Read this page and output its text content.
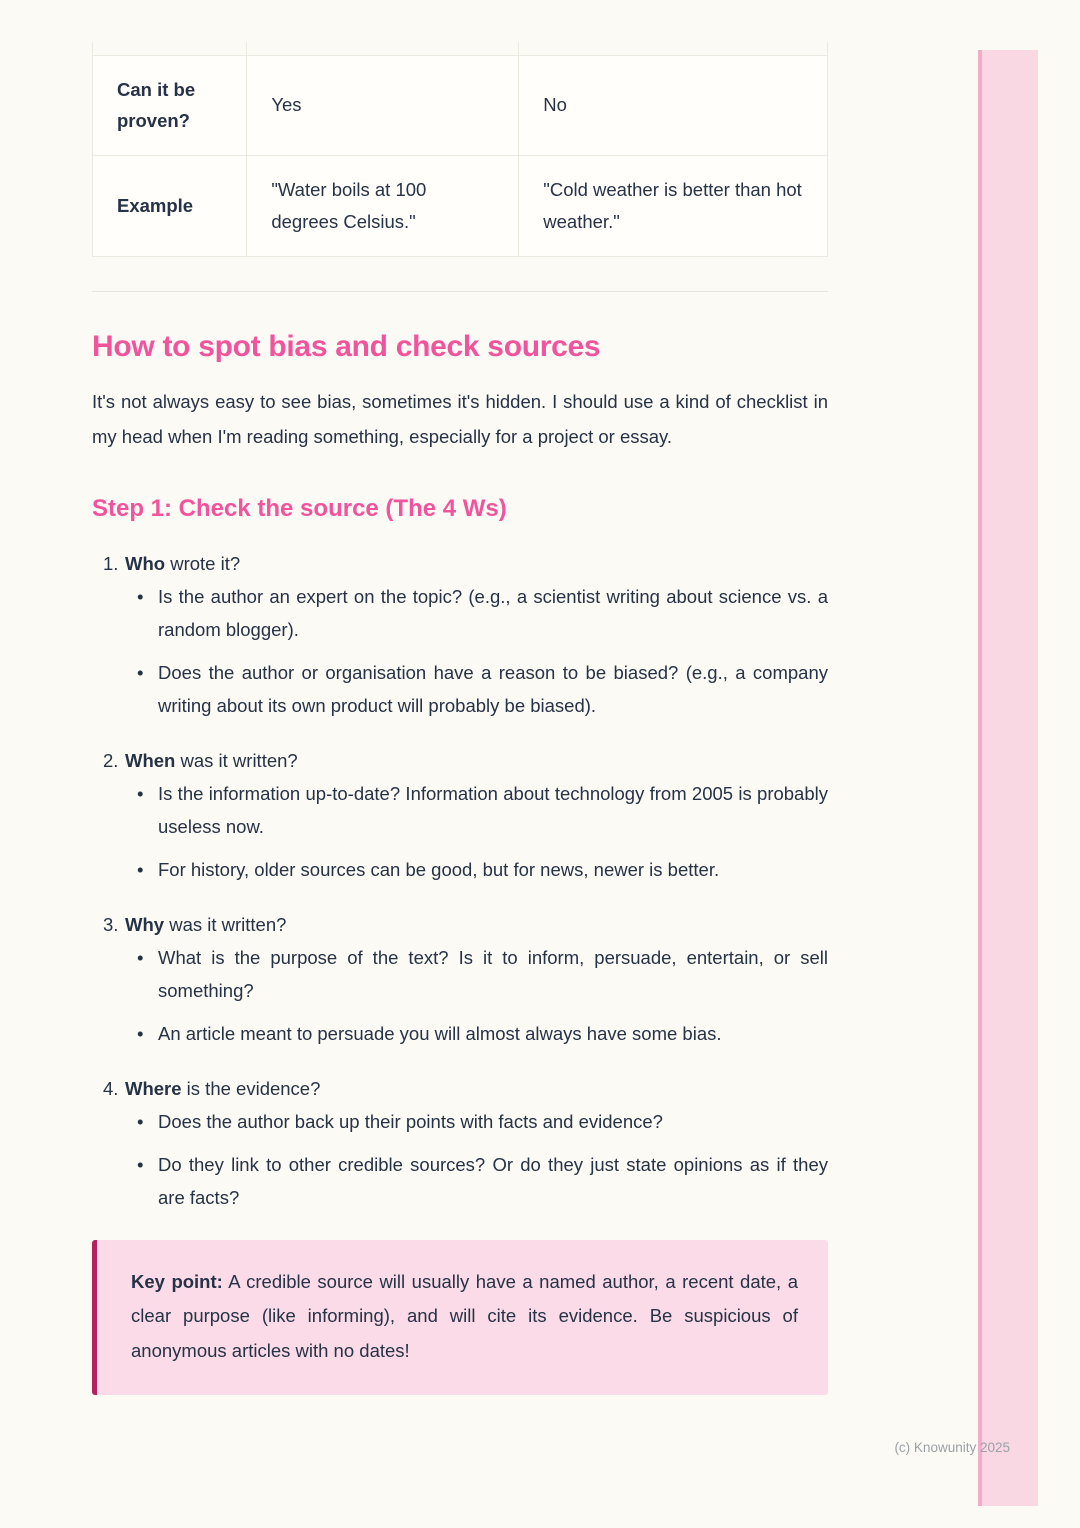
Can it be proven?	Yes	No
Example	"Water boils at 100 degrees Celsius."	"Cold weather is better than hot weather."
How to spot bias and check sources

It's not always easy to see bias, sometimes it's hidden. I should use a kind of checklist in my head when I'm reading something, especially for a project or essay.

Step 1: Check the source (The 4 Ws)
1. Who wrote it?

•

Is the author an expert on the topic? (e.g., a scientist writing about science vs. a random blogger).

•

Does the author or organisation have a reason to be biased? (e.g., a company writing about its own product will probably be biased).

2. When was it written?

•

Is the information up-to-date? Information about technology from 2005 is probably useless now.

•

For history, older sources can be good, but for news, newer is better.

3. Why was it written?

•

What is the purpose of the text? Is it to inform, persuade, entertain, or sell something?

•

An article meant to persuade you will almost always have some bias.

4. Where is the evidence?

•

Does the author back up their points with facts and evidence?

•

Do they link to other credible sources? Or do they just state opinions as if they are facts?

Key point: A credible source will usually have a named author, a recent date, a clear purpose (like informing), and will cite its evidence. Be suspicious of anonymous articles with no dates!
(c) Knowunity 2025
